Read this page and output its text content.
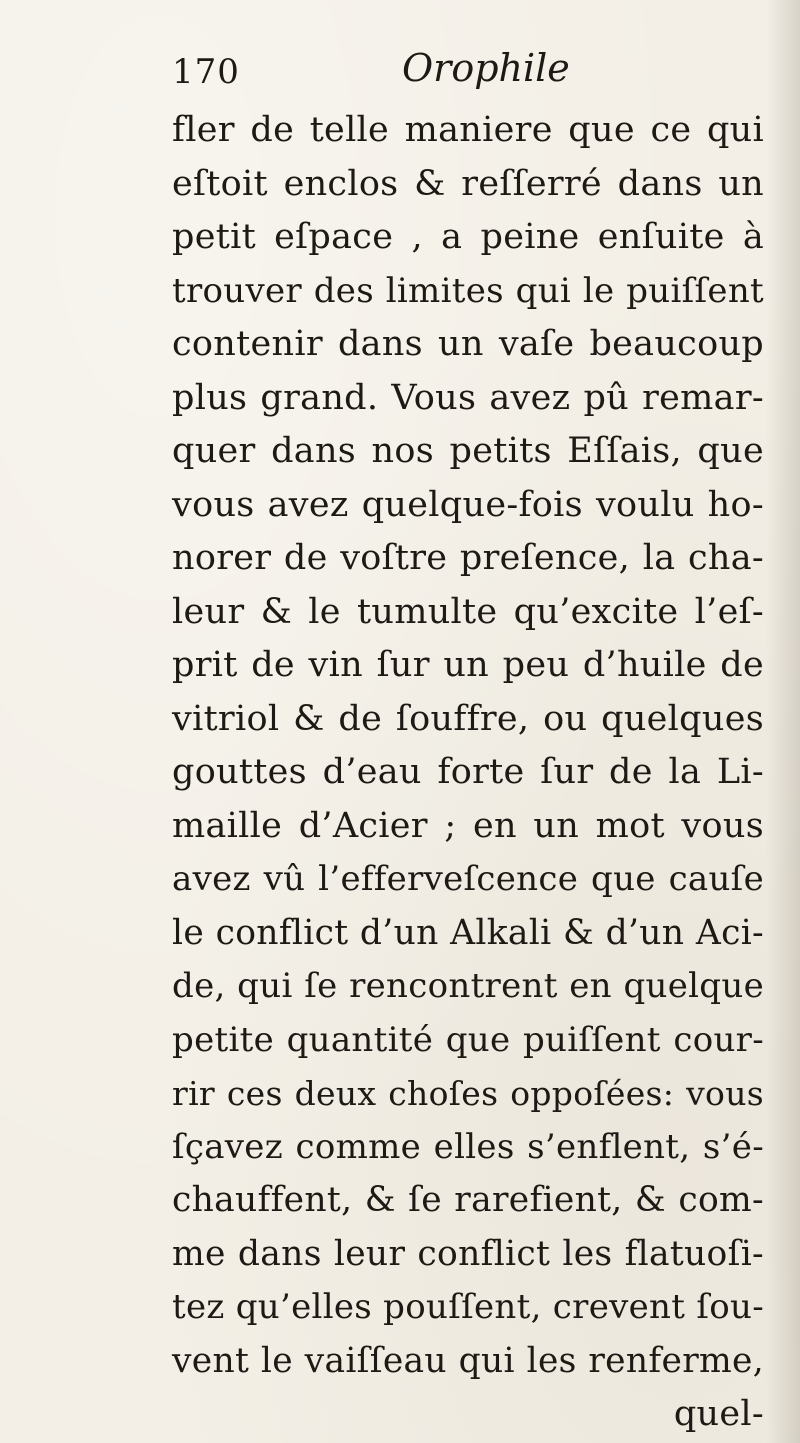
170	Orophile
fler de telle maniere que ce qui
eſtoit enclos & reſſerré dans un
petit eſpace , a peine enſuite à
trouver des limites qui le puiſſent
contenir dans un vaſe beaucoup
plus grand. Vous avez pû remar-
quer dans nos petits Eſſais, que
vous avez quelque-fois voulu ho-
norer de voſtre preſence, la cha-
leur & le tumulte qu’excite l’eſ-
prit de vin ſur un peu d’huile de
vitriol & de ſouffre, ou quelques
gouttes d’eau forte ſur de la Li-
maille d’Acier ; en un mot vous
avez vû l’effervеſcence que cauſe
le conflict d’un Alkali & d’un Aci-
de, qui ſe rencontrent en quelque
petite quantité que puiſſent cour-
rir ces deux choſes oppoſées: vous
ſçavez comme elles s’enflent, s’é-
chauffent, & ſe rarefient, & com-
me dans leur conflict les flatuoſi-
tez qu’elles pouſſent, crevent ſou-
vent le vaiſſeau qui les renferme,
quel-
